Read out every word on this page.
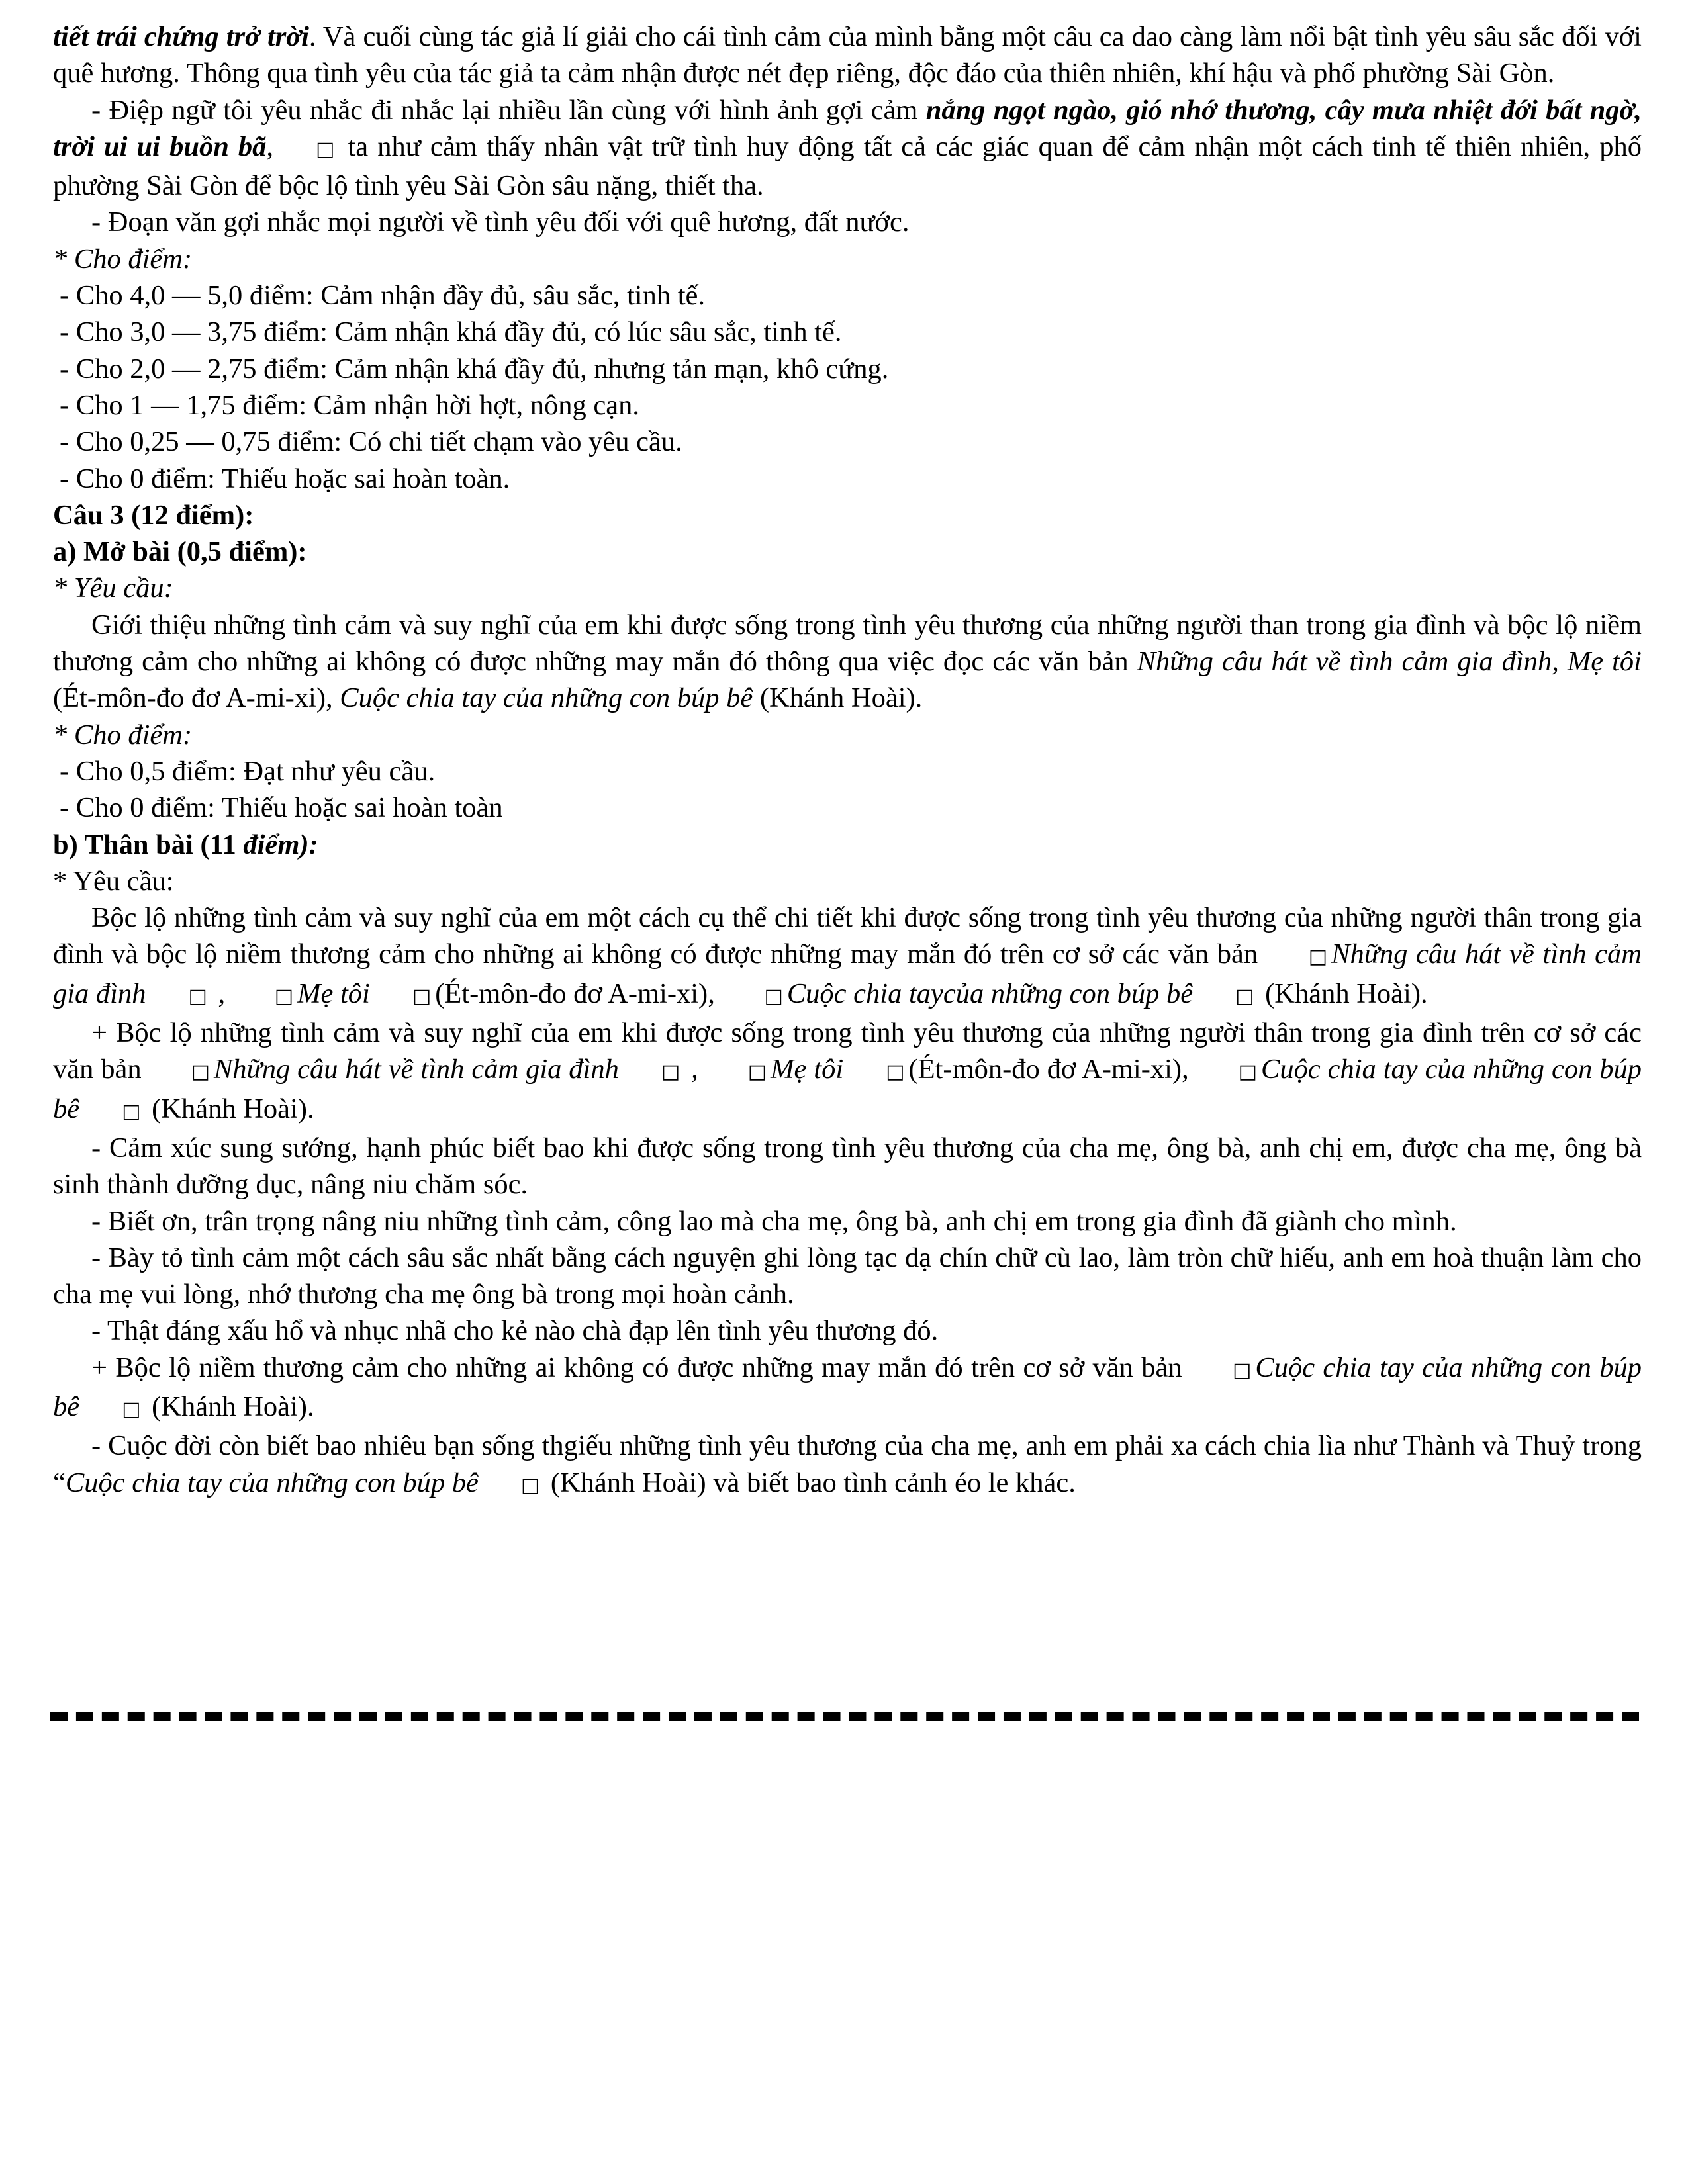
tiết trái chứng trở trời. Và cuối cùng tác giả lí giải cho cái tình cảm của mình bằng một câu ca dao càng làm nổi bật tình yêu sâu sắc đối với quê hương. Thông qua tình yêu của tác giả ta cảm nhận được nét đẹp riêng, độc đáo của thiên nhiên, khí hậu và phố phường Sài Gòn.

- Điệp ngữ tôi yêu nhắc đi nhắc lại nhiều lần cùng với hình ảnh gợi cảm nắng ngọt ngào, gió nhớ thương, cây mưa nhiệt đới bất ngờ, trời ui ui buồn bã, □ ta như cảm thấy nhân vật trữ tình huy động tất cả các giác quan để cảm nhận một cách tinh tế thiên nhiên, phố phường Sài Gòn để bộc lộ tình yêu Sài Gòn sâu nặng, thiết tha.

- Đoạn văn gợi nhắc mọi người về tình yêu đối với quê hương, đất nước.

* Cho điểm:

- Cho 4,0 — 5,0 điểm: Cảm nhận đầy đủ, sâu sắc, tinh tế.

- Cho 3,0 — 3,75 điểm: Cảm nhận khá đầy đủ, có lúc sâu sắc, tinh tế.

- Cho 2,0 — 2,75 điểm: Cảm nhận khá đầy đủ, nhưng tản mạn, khô cứng.

- Cho 1 — 1,75 điểm: Cảm nhận hời hợt, nông cạn.

- Cho 0,25 — 0,75 điểm: Có chi tiết chạm vào yêu cầu.

- Cho 0 điểm: Thiếu hoặc sai hoàn toàn.

Câu 3 (12 điểm):

a) Mở bài (0,5 điểm):

* Yêu cầu:

Giới thiệu những tình cảm và suy nghĩ của em khi được sống trong tình yêu thương của những người than trong gia đình và bộc lộ niềm thương cảm cho những ai không có được những may mắn đó thông qua việc đọc các văn bản Những câu hát về tình cảm gia đình, Mẹ tôi (Ét-môn-đo đơ A-mi-xi), Cuộc chia tay của những con búp bê (Khánh Hoài).

* Cho điểm:

- Cho 0,5 điểm: Đạt như yêu cầu.

- Cho 0 điểm: Thiếu hoặc sai hoàn toàn

b) Thân bài (11 điểm):

* Yêu cầu:

Bộc lộ những tình cảm và suy nghĩ của em một cách cụ thể chi tiết khi được sống trong tình yêu thương của những người thân trong gia đình và bộc lộ niềm thương cảm cho những ai không có được những may mắn đó trên cơ sở các văn bản □ Những câu hát về tình cảm gia đình □ , □ Mẹ tôi □ (Ét-môn-đo đơ A-mi-xi), □ Cuộc chia taycủa những con búp bê □ (Khánh Hoài).

+ Bộc lộ những tình cảm và suy nghĩ của em khi được sống trong tình yêu thương của những người thân trong gia đình trên cơ sở các văn bản □ Những câu hát về tình cảm gia đình □ , □ Mẹ tôi □ (Ét-môn-đo đơ A-mi-xi), □ Cuộc chia tay của những con búp bê □ (Khánh Hoài).

- Cảm xúc sung sướng, hạnh phúc biết bao khi được sống trong tình yêu thương của cha mẹ, ông bà, anh chị em, được cha mẹ, ông bà sinh thành dưỡng dục, nâng niu chăm sóc.

- Biết ơn, trân trọng nâng niu những tình cảm, công lao mà cha mẹ, ông bà, anh chị em trong gia đình đã giành cho mình.

- Bày tỏ tình cảm một cách sâu sắc nhất bằng cách nguyện ghi lòng tạc dạ chín chữ cù lao, làm tròn chữ hiếu, anh em hoà thuận làm cho cha mẹ vui lòng, nhớ thương cha mẹ ông bà trong mọi hoàn cảnh.

- Thật đáng xấu hổ và nhục nhã cho kẻ nào chà đạp lên tình yêu thương đó.

+ Bộc lộ niềm thương cảm cho những ai không có được những may mắn đó trên cơ sở văn bản □ Cuộc chia tay của những con búp bê □ (Khánh Hoài).

- Cuộc đời còn biết bao nhiêu bạn sống thgiếu những tình yêu thương của cha mẹ, anh em phải xa cách chia lìa như Thành và Thuỷ trong “Cuộc chia tay của những con búp bê □ (Khánh Hoài) và biết bao tình cảnh éo le khác.
